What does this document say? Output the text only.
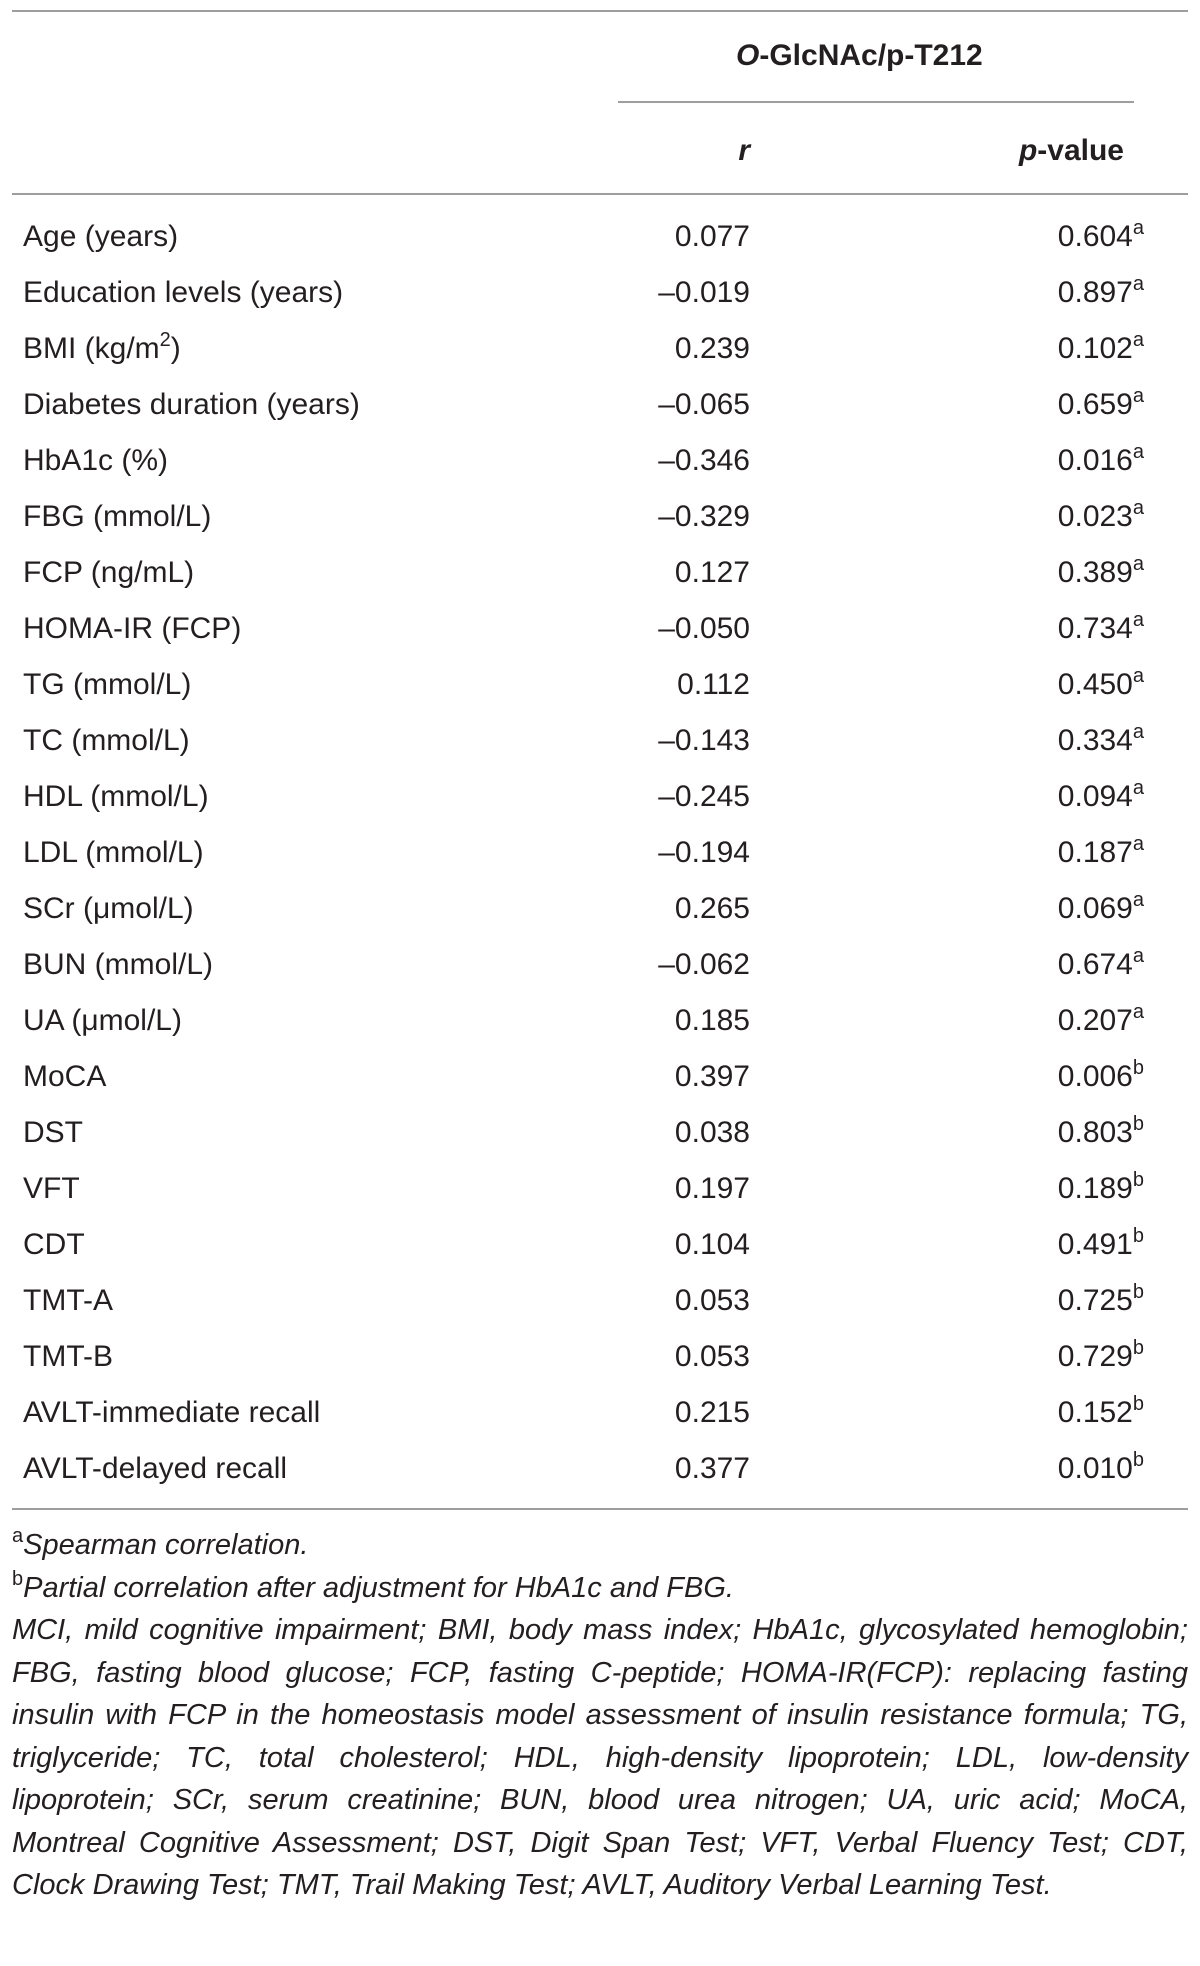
O-GlcNAc/p-T212
r	p-value
Age (years)	0.077	0.604$^a$
Education levels (years)	–0.019	0.897$^a$
BMI $(kg/m^2)$	0.239	0.102$^a$
Diabetes duration (years)	–0.065	0.659$^a$
HbA1c (%)	–0.346	0.016$^a$
FBG (mmol/L)	–0.329	0.023$^a$
FCP (ng/mL)	0.127	0.389$^a$
HOMA-IR (FCP)	–0.050	0.734$^a$
TG (mmol/L)	0.112	0.450$^a$
TC (mmol/L)	–0.143	0.334$^a$
HDL (mmol/L)	–0.245	0.094$^a$
LDL (mmol/L)	–0.194	0.187$^a$
SCr (μmol/L)	0.265	0.069$^a$
BUN (mmol/L)	–0.062	0.674$^a$
UA (μmol/L)	0.185	0.207$^a$
MoCA	0.397	0.006$^b$
DST	0.038	0.803$^b$
VFT	0.197	0.189$^b$
CDT	0.104	0.491$^b$
TMT-A	0.053	0.725$^b$
TMT-B	0.053	0.729$^b$
AVLT-immediate recall	0.215	0.152$^b$
AVLT-delayed recall	0.377	0.010$^b$

$^a$Spearman correlation.

$^b$Partial correlation after adjustment for HbA1c and FBG.

MCI, mild cognitive impairment; BMI, body mass index; HbA1c, glycosylated hemoglobin; FBG, fasting blood glucose; FCP, fasting C-peptide; HOMA-IR(FCP): replacing fasting insulin with FCP in the homeostasis model assessment of insulin resistance formula; TG, triglyceride; TC, total cholesterol; HDL, high-density lipoprotein; LDL, low-density lipoprotein; SCr, serum creatinine; BUN, blood urea nitrogen; UA, uric acid; MoCA, Montreal Cognitive Assessment; DST, Digit Span Test; VFT, Verbal Fluency Test; CDT, Clock Drawing Test; TMT, Trail Making Test; AVLT, Auditory Verbal Learning Test.
